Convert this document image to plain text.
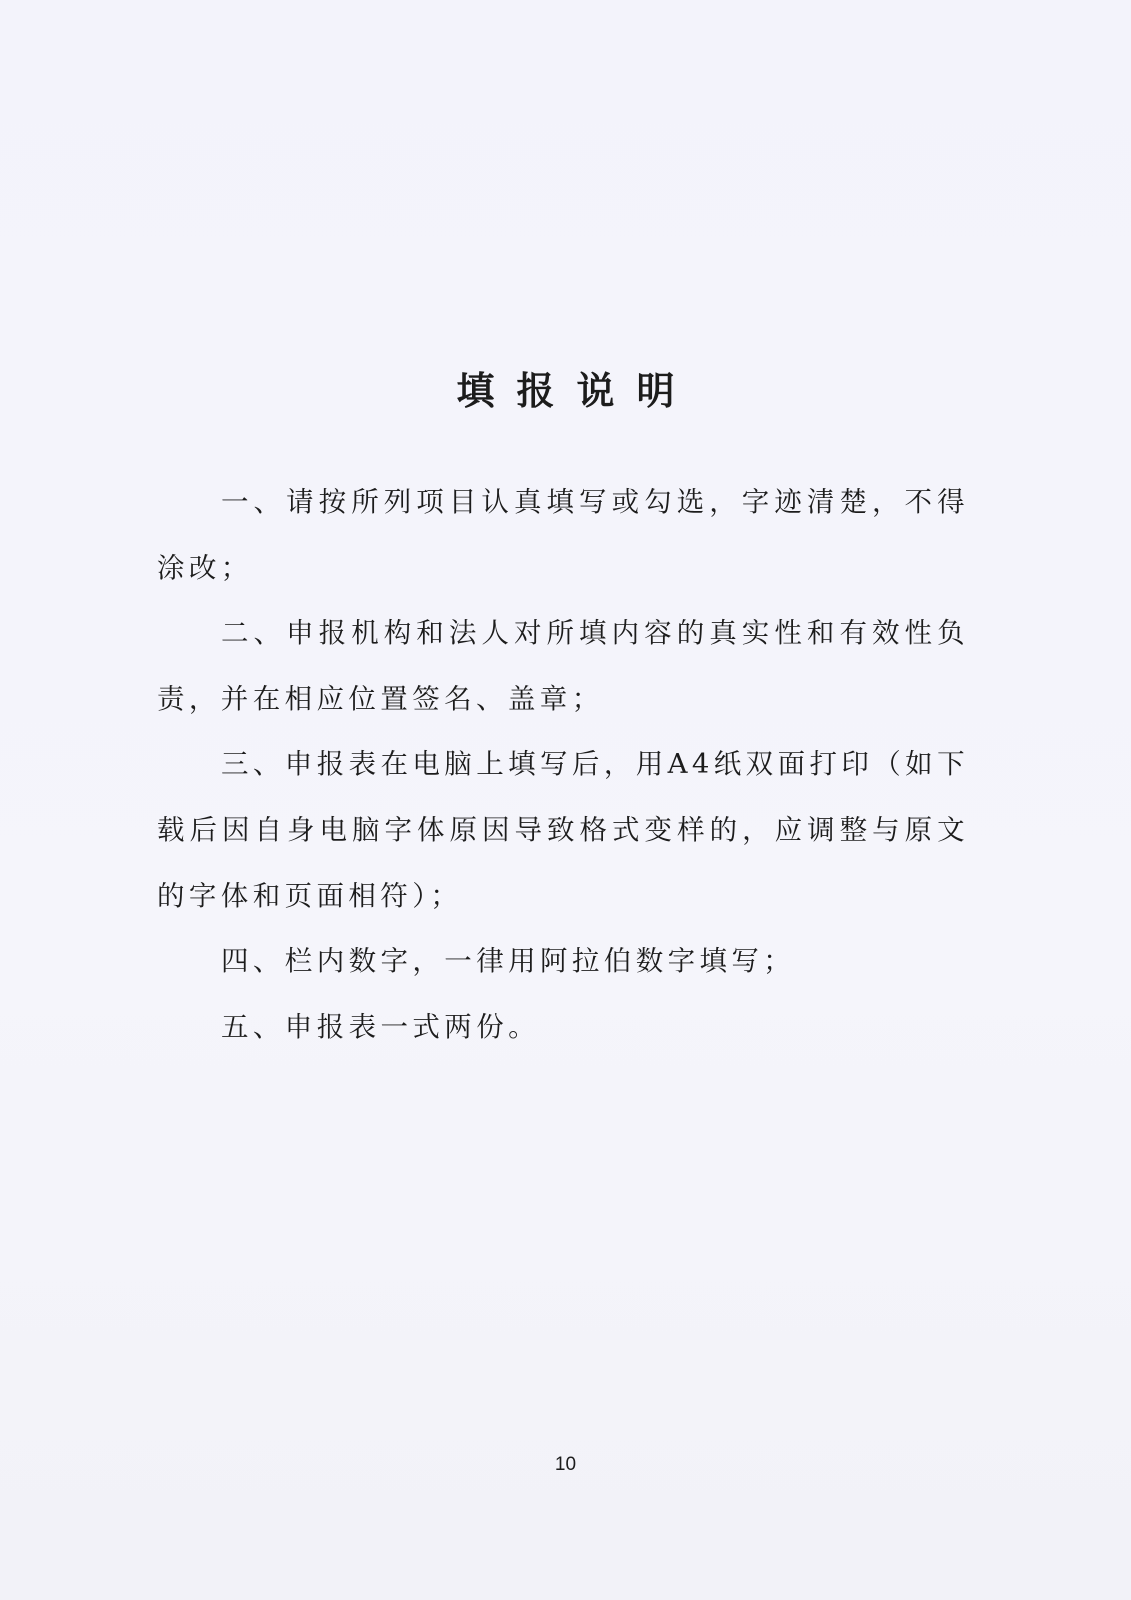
填报说明

一、请按所列项目认真填写或勾选，字迹清楚，不得涂改；

二、申报机构和法人对所填内容的真实性和有效性负责，并在相应位置签名、盖章；

三、申报表在电脑上填写后，用A4纸双面打印（如下载后因自身电脑字体原因导致格式变样的，应调整与原文的字体和页面相符）；

四、栏内数字，一律用阿拉伯数字填写；

五、申报表一式两份。

10
